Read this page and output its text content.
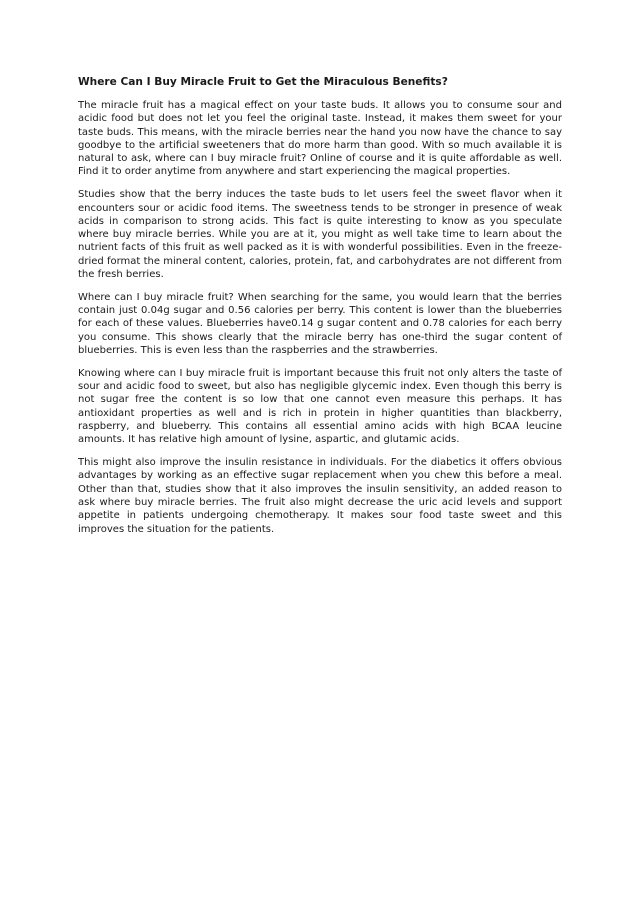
Where Can I Buy Miracle Fruit to Get the Miraculous Benefits?

The miracle fruit has a magical effect on your taste buds. It allows you to consume sour and acidic food but does not let you feel the original taste. Instead, it makes them sweet for your taste buds. This means, with the miracle berries near the hand you now have the chance to say goodbye to the artificial sweeteners that do more harm than good. With so much available it is natural to ask, where can I buy miracle fruit? Online of course and it is quite affordable as well. Find it to order anytime from anywhere and start experiencing the magical properties.

Studies show that the berry induces the taste buds to let users feel the sweet flavor when it encounters sour or acidic food items. The sweetness tends to be stronger in presence of weak acids in comparison to strong acids. This fact is quite interesting to know as you speculate where buy miracle berries. While you are at it, you might as well take time to learn about the nutrient facts of this fruit as well packed as it is with wonderful possibilities. Even in the freeze-dried format the mineral content, calories, protein, fat, and carbohydrates are not different from the fresh berries.

Where can I buy miracle fruit? When searching for the same, you would learn that the berries contain just 0.04g sugar and 0.56 calories per berry. This content is lower than the blueberries for each of these values. Blueberries have0.14 g sugar content and 0.78 calories for each berry you consume. This shows clearly that the miracle berry has one-third the sugar content of blueberries. This is even less than the raspberries and the strawberries.

Knowing where can I buy miracle fruit is important because this fruit not only alters the taste of sour and acidic food to sweet, but also has negligible glycemic index. Even though this berry is not sugar free the content is so low that one cannot even measure this perhaps. It has antioxidant properties as well and is rich in protein in higher quantities than blackberry, raspberry, and blueberry. This contains all essential amino acids with high BCAA leucine amounts. It has relative high amount of lysine, aspartic, and glutamic acids.

This might also improve the insulin resistance in individuals. For the diabetics it offers obvious advantages by working as an effective sugar replacement when you chew this before a meal. Other than that, studies show that it also improves the insulin sensitivity, an added reason to ask where buy miracle berries. The fruit also might decrease the uric acid levels and support appetite in patients undergoing chemotherapy. It makes sour food taste sweet and this improves the situation for the patients.
